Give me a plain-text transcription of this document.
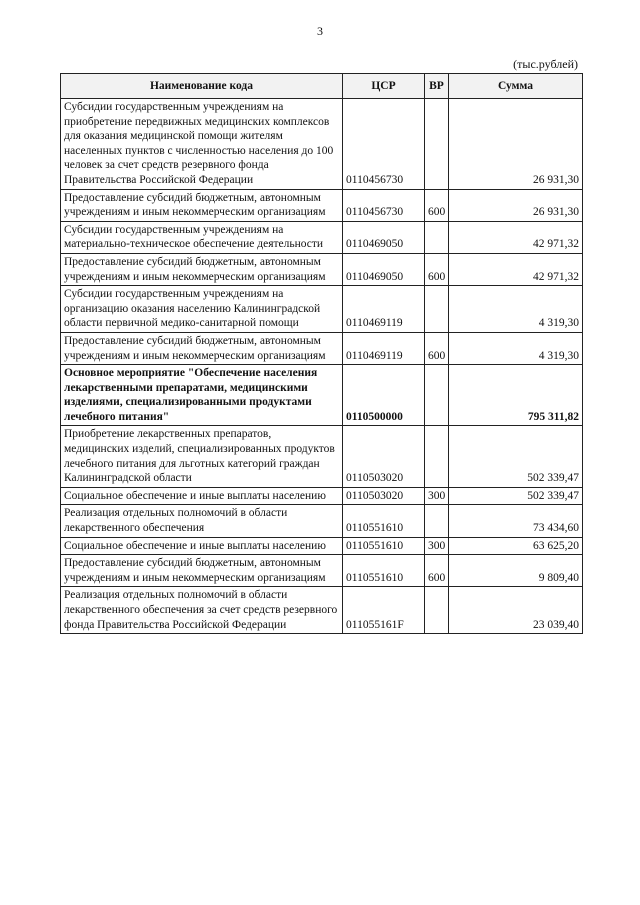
3
(тыс.рублей)
Наименование кода	ЦСР	ВР	Сумма
Субсидии государственным учреждениям на приобретение передвижных медицинских комплексов для оказания медицинской помощи жителям населенных пунктов с численностью населения до 100 человек за счет средств резервного фонда Правительства Российской Федерации	0110456730		26 931,30
Предоставление субсидий бюджетным, автономным учреждениям и иным некоммерческим организациям	0110456730	600	26 931,30
Субсидии государственным учреждениям на материально-техническое обеспечение деятельности	0110469050		42 971,32
Предоставление субсидий бюджетным, автономным учреждениям и иным некоммерческим организациям	0110469050	600	42 971,32
Субсидии государственным учреждениям на организацию оказания населению Калининградской области первичной медико-санитарной помощи	0110469119		4 319,30
Предоставление субсидий бюджетным, автономным учреждениям и иным некоммерческим организациям	0110469119	600	4 319,30
Основное мероприятие "Обеспечение населения лекарственными препаратами, медицинскими изделиями, специализированными продуктами лечебного питания"	0110500000		795 311,82
Приобретение лекарственных препаратов, медицинских изделий, специализированных продуктов лечебного питания для льготных категорий граждан Калининградской области	0110503020		502 339,47
Социальное обеспечение и иные выплаты населению	0110503020	300	502 339,47
Реализация отдельных полномочий в области лекарственного обеспечения	0110551610		73 434,60
Социальное обеспечение и иные выплаты населению	0110551610	300	63 625,20
Предоставление субсидий бюджетным, автономным учреждениям и иным некоммерческим организациям	0110551610	600	9 809,40
Реализация отдельных полномочий в области лекарственного обеспечения за счет средств резервного фонда Правительства Российской Федерации	011055161F		23 039,40
